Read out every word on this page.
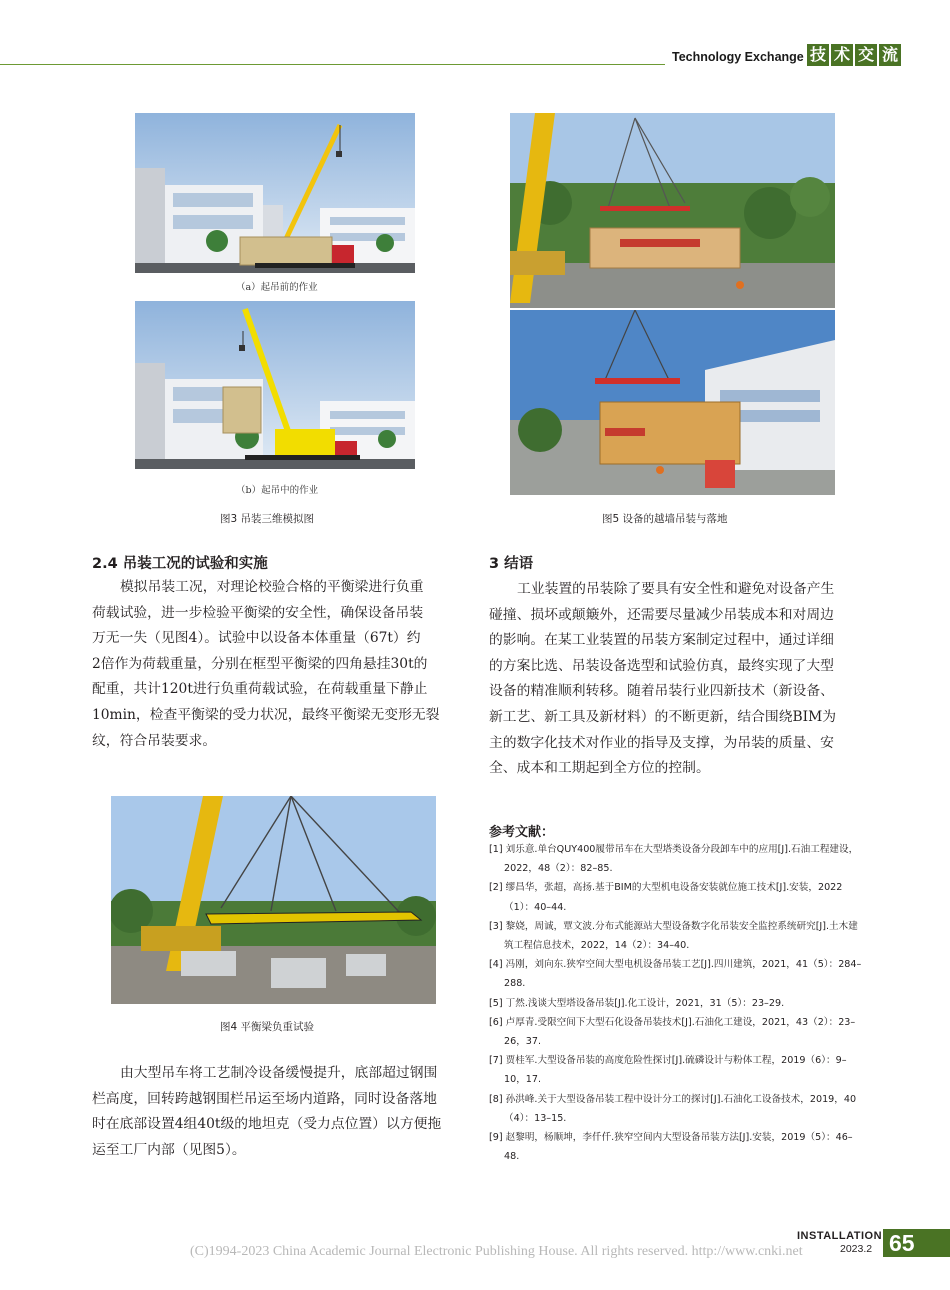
Technology Exchange 技 术 交 流
（a）起吊前的作业
（b）起吊中的作业
图3 吊装三维模拟图	图5 设备的越墙吊装与落地
2.4 吊装工况的试验和实施
模拟吊装工况，对理论校验合格的平衡梁进行负重
荷载试验，进一步检验平衡梁的安全性，确保设备吊装
万无一失（见图4）。试验中以设备本体重量（67t）约
2倍作为荷载重量，分别在框型平衡梁的四角悬挂30t的
配重，共计120t进行负重荷载试验，在荷载重量下静止
10min，检查平衡梁的受力状况，最终平衡梁无变形无裂
纹，符合吊装要求。
图4 平衡梁负重试验
由大型吊车将工艺制冷设备缓慢提升，底部超过钢围
栏高度，回转跨越钢围栏吊运至场内道路，同时设备落地
时在底部设置4组40t级的地坦克（受力点位置）以方便拖
运至工厂内部（见图5）。
3 结语
工业装置的吊装除了要具有安全性和避免对设备产生
碰撞、损坏或颠簸外，还需要尽量减少吊装成本和对周边
的影响。在某工业装置的吊装方案制定过程中，通过详细
的方案比选、吊装设备选型和试验仿真，最终实现了大型
设备的精准顺利转移。随着吊装行业四新技术（新设备、
新工艺、新工具及新材料）的不断更新，结合围绕BIM为
主的数字化技术对作业的指导及支撑，为吊装的质量、安
全、成本和工期起到全方位的控制。
参考文献：
[1] 刘乐意.单台QUY400履带吊车在大型塔类设备分段卸车中的应用[J].石油工程建设，2022，48（2）：82–85.
[2] 缪昌华，张超，高扬.基于BIM的大型机电设备安装就位施工技术[J].安装，2022（1）：40–44.
[3] 黎娆，周诚，覃文波.分布式能源站大型设备数字化吊装安全监控系统研究[J].土木建筑工程信息技术，2022，14（2）：34–40.
[4] 冯刚，刘向东.狭窄空间大型电机设备吊装工艺[J].四川建筑，2021，41（5）：284–288.
[5] 丁然.浅谈大型塔设备吊装[J].化工设计，2021，31（5）：23–29.
[6] 卢厚青.受限空间下大型石化设备吊装技术[J].石油化工建设，2021，43（2）：23–26，37.
[7] 贾桂军.大型设备吊装的高度危险性探讨[J].硫磷设计与粉体工程，2019（6）：9–10，17.
[8] 孙洪峰.关于大型设备吊装工程中设计分工的探讨[J].石油化工设备技术，2019，40（4）：13–15.
[9] 赵黎明，杨顺坤，李仟仟.狭窄空间内大型设备吊装方法[J].安装，2019（5）：46–48.
(C)1994-2023 China Academic Journal Electronic Publishing House. All rights reserved. http://www.cnki.net
INSTALLATION
2023.2 65
